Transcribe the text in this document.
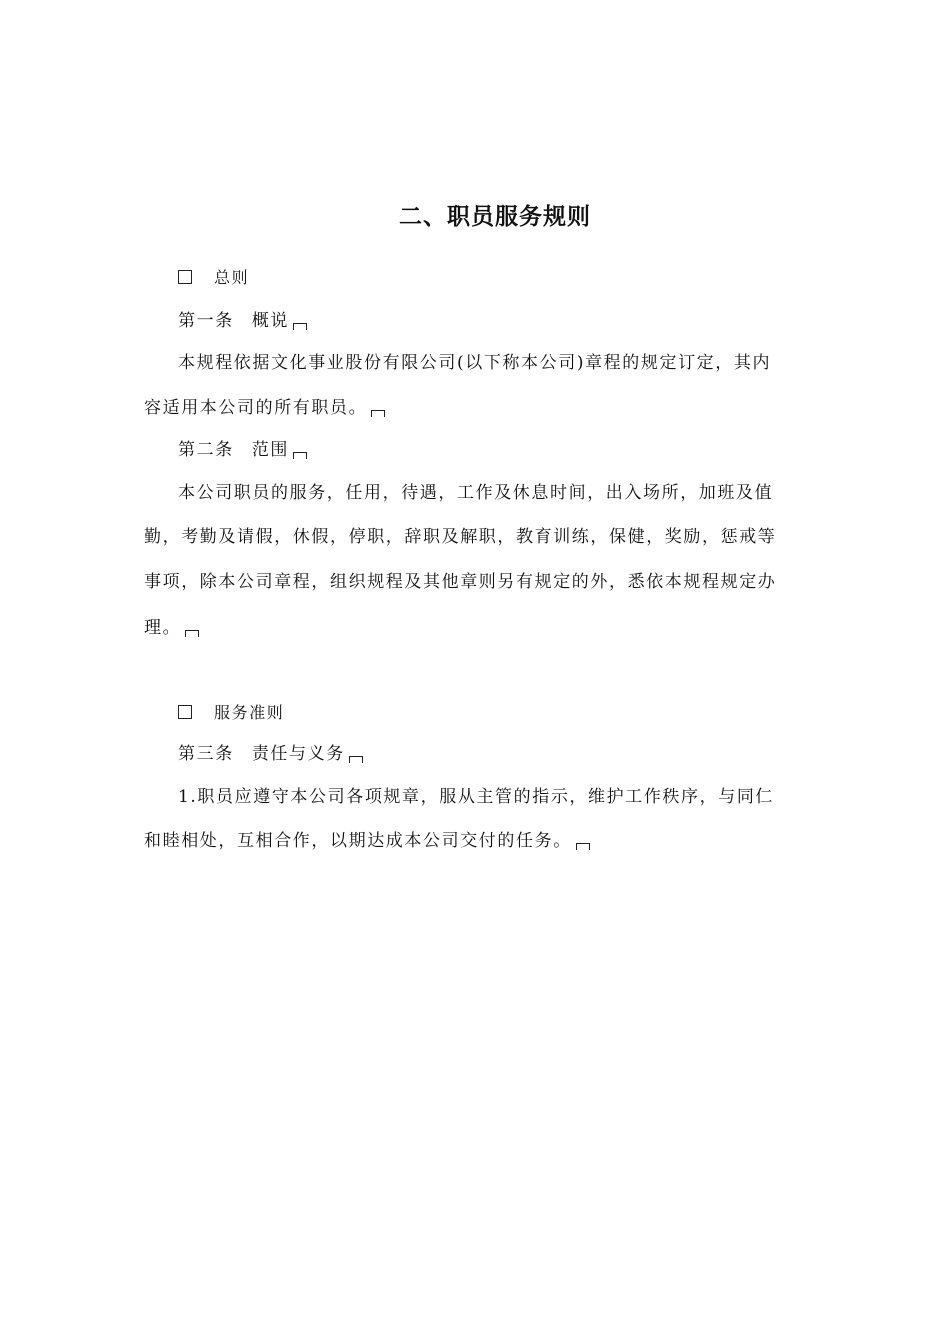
二、职员服务规则
总则
第一条 概说
本规程依据文化事业股份有限公司(以下称本公司)章程的规定订定，其内
容适用本公司的所有职员。
第二条 范围
本公司职员的服务，任用，待遇，工作及休息时间，出入场所，加班及值
勤，考勤及请假，休假，停职，辞职及解职，教育训练，保健，奖励，惩戒等
事项，除本公司章程，组织规程及其他章则另有规定的外，悉依本规程规定办
理。
服务准则
第三条 责任与义务
1.职员应遵守本公司各项规章，服从主管的指示，维护工作秩序，与同仁
和睦相处，互相合作，以期达成本公司交付的任务。
